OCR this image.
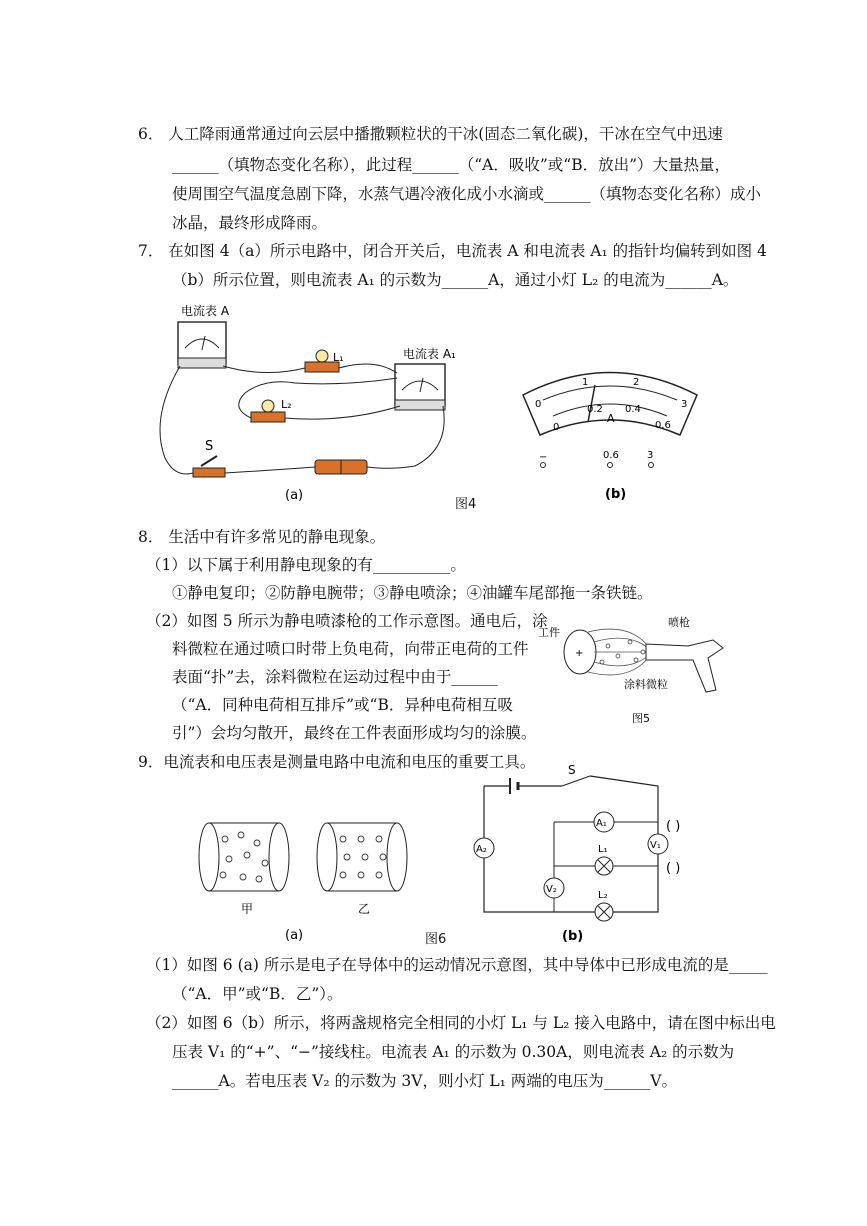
6． 人工降雨通常通过向云层中播撒颗粒状的干冰(固态二氧化碳)，干冰在空气中迅速
______（填物态变化名称），此过程______（“A．吸收”或“B．放出”）大量热量，
使周围空气温度急剧下降，水蒸气遇冷液化成小水滴或______（填物态变化名称）成小
冰晶，最终形成降雨。
7． 在如图 4（a）所示电路中，闭合开关后，电流表 A 和电流表 A₁ 的指针均偏转到如图 4
（b）所示位置，则电流表 A₁ 的示数为______A，通过小灯 L₂ 的电流为______A。
电流表 A
L₁	电流表 A₁
L₂
S
(a)
图4
0
1	2
3
0
0.2 0.4
0.6
A
−	0.6	3
(b)
8． 生活中有许多常见的静电现象。
（1）以下属于利用静电现象的有__________。
①静电复印；②防静电腕带；③静电喷涂；④油罐车尾部拖一条铁链。
（2）如图 5 所示为静电喷漆枪的工作示意图。通电后，涂
料微粒在通过喷口时带上负电荷，向带正电荷的工件
表面“扑”去，涂料微粒在运动过程中由于______
（“A．同种电荷相互排斥”或“B．异种电荷相互吸
引”）会均匀散开，最终在工件表面形成均匀的涂膜。
工件
喷枪
+
涂料微粒
图5
9．电流表和电压表是测量电路中电流和电压的重要工具。
甲	乙
(a)	图6
S
A₂
A₁
V₁
L₁
V₂
L₂
( )
( )
(b)
（1）如图 6 (a) 所示是电子在导体中的运动情况示意图，其中导体中已形成电流的是_____
（“A．甲”或“B．乙”）。
（2）如图 6（b）所示，将两盏规格完全相同的小灯 L₁ 与 L₂ 接入电路中，请在图中标出电
压表 V₁ 的“+”、“−”接线柱。电流表 A₁ 的示数为 0.30A，则电流表 A₂ 的示数为
______A。若电压表 V₂ 的示数为 3V，则小灯 L₁ 两端的电压为______V。
